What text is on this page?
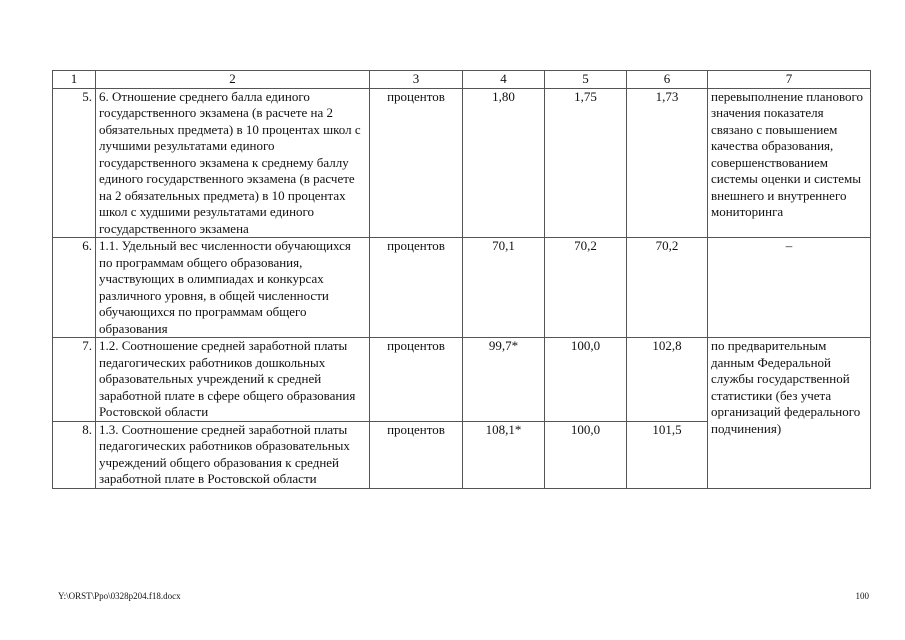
1	2	3	4	5	6	7
5.	6. Отношение среднего балла единого государственного экзамена (в расчете на 2 обязательных предмета) в 10 процентах школ с лучшими результатами единого государственного экзамена к среднему баллу единого государственного экзамена (в расчете на 2 обязательных предмета) в 10 процентах школ с худшими результатами единого государственного экзамена	процентов	1,80	1,75	1,73	перевыполнение планового значения показателя связано с повышением качества образования, совершенствованием системы оценки и системы внешнего и внутреннего мониторинга
6.	1.1. Удельный вес численности обучающихся по программам общего образования, участвующих в олимпиадах и конкурсах различного уровня, в общей численности обучающихся по программам общего образования	процентов	70,1	70,2	70,2	–
7.	1.2. Соотношение средней заработной платы педагогических работников дошкольных образовательных учреждений к средней заработной плате в сфере общего образования Ростовской области	процентов	99,7*	100,0	102,8	по предварительным данным Федеральной службы государственной статистики (без учета организаций федерального подчинения)
8.	1.3. Соотношение средней заработной платы педагогических работников образовательных учреждений общего образования к средней заработной плате в Ростовской области	процентов	108,1*	100,0	101,5	
Y:\ORST\Ppo\0328p204.f18.docx	100
